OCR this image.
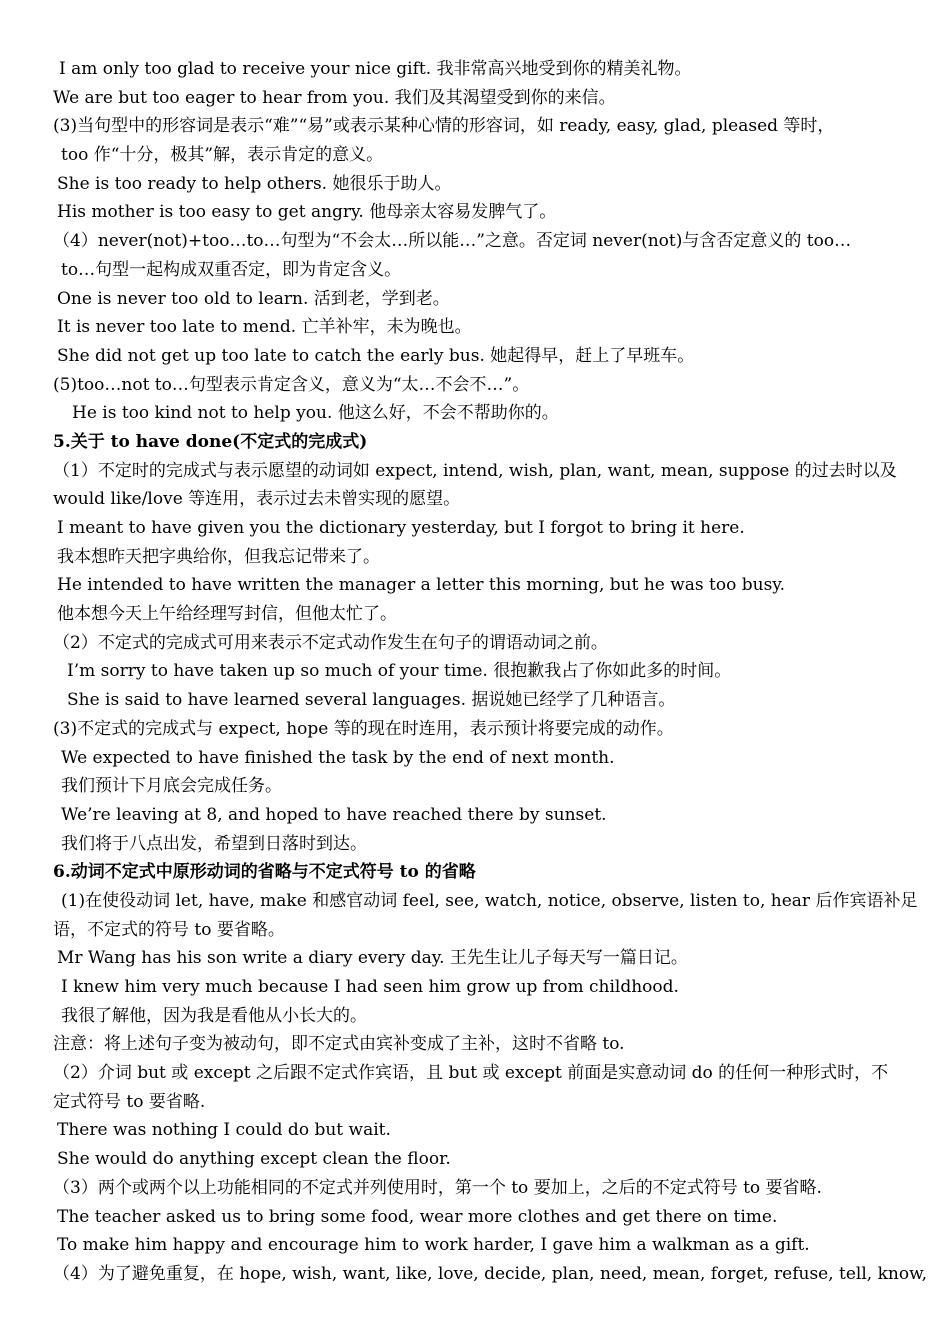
I am only too glad to receive your nice gift. 我非常高兴地受到你的精美礼物。
We are but too eager to hear from you. 我们及其渴望受到你的来信。
(3)当句型中的形容词是表示“难”“易”或表示某种心情的形容词，如 ready, easy, glad, pleased 等时，
too 作“十分，极其”解，表示肯定的意义。
She is too ready to help others. 她很乐于助人。
His mother is too easy to get angry. 他母亲太容易发脾气了。
（4）never(not)+too…to…句型为“不会太…所以能…”之意。否定词 never(not)与含否定意义的 too…
to…句型一起构成双重否定，即为肯定含义。
One is never too old to learn. 活到老，学到老。
It is never too late to mend. 亡羊补牢，未为晚也。
She did not get up too late to catch the early bus. 她起得早，赶上了早班车。
(5)too…not to…句型表示肯定含义，意义为“太…不会不…”。
He is too kind not to help you. 他这么好，不会不帮助你的。
5.关于 to have done(不定式的完成式)
（1）不定时的完成式与表示愿望的动词如 expect, intend, wish, plan, want, mean, suppose 的过去时以及
would like/love 等连用，表示过去未曾实现的愿望。
I meant to have given you the dictionary yesterday, but I forgot to bring it here.
我本想昨天把字典给你，但我忘记带来了。
He intended to have written the manager a letter this morning, but he was too busy.
他本想今天上午给经理写封信，但他太忙了。
（2）不定式的完成式可用来表示不定式动作发生在句子的谓语动词之前。
I’m sorry to have taken up so much of your time. 很抱歉我占了你如此多的时间。
She is said to have learned several languages. 据说她已经学了几种语言。
(3)不定式的完成式与 expect, hope 等的现在时连用，表示预计将要完成的动作。
We expected to have finished the task by the end of next month.
我们预计下月底会完成任务。
We’re leaving at 8, and hoped to have reached there by sunset.
我们将于八点出发，希望到日落时到达。
6.动词不定式中原形动词的省略与不定式符号 to 的省略
(1)在使役动词 let, have, make 和感官动词 feel, see, watch, notice, observe, listen to, hear 后作宾语补足
语，不定式的符号 to 要省略。
Mr Wang has his son write a diary every day. 王先生让儿子每天写一篇日记。
I knew him very much because I had seen him grow up from childhood.
我很了解他，因为我是看他从小长大的。
注意：将上述句子变为被动句，即不定式由宾补变成了主补，这时不省略 to.
（2）介词 but 或 except 之后跟不定式作宾语，且 but 或 except 前面是实意动词 do 的任何一种形式时，不
定式符号 to 要省略.
There was nothing I could do but wait.
She would do anything except clean the floor.
（3）两个或两个以上功能相同的不定式并列使用时，第一个 to 要加上，之后的不定式符号 to 要省略.
The teacher asked us to bring some food, wear more clothes and get there on time.
To make him happy and encourage him to work harder, I gave him a walkman as a gift.
（4）为了避免重复，在 hope, wish, want, like, love, decide, plan, need, mean, forget, refuse, tell, know,
